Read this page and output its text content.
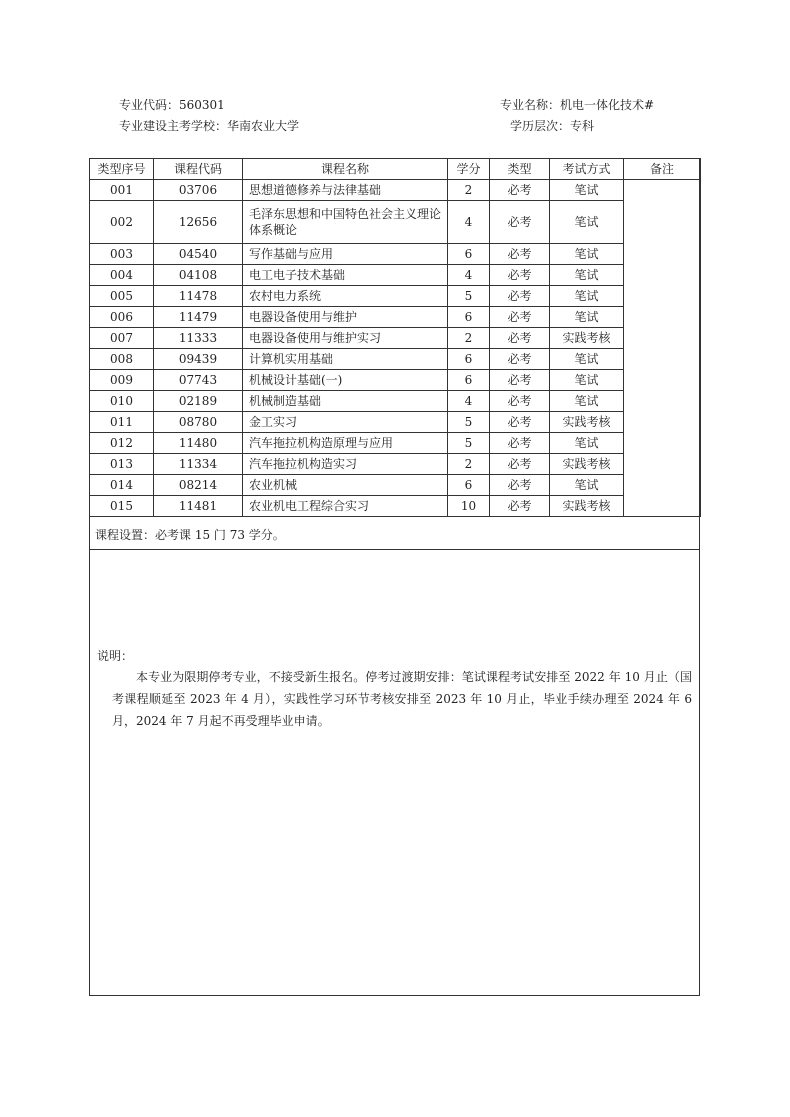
专业代码：560301	专业名称：机电一体化技术#
专业建设主考学校：华南农业大学	学历层次：专科
类型序号	课程代码	课程名称	学分	类型	考试方式	备注
001	03706	思想道德修养与法律基础	2	必考	笔试	
002	12656	毛泽东思想和中国特色社会主义理论体系概论	4	必考	笔试	
003	04540	写作基础与应用	6	必考	笔试	
004	04108	电工电子技术基础	4	必考	笔试	
005	11478	农村电力系统	5	必考	笔试	
006	11479	电器设备使用与维护	6	必考	笔试	
007	11333	电器设备使用与维护实习	2	必考	实践考核	
008	09439	计算机实用基础	6	必考	笔试	
009	07743	机械设计基础(一)	6	必考	笔试	
010	02189	机械制造基础	4	必考	笔试	
011	08780	金工实习	5	必考	实践考核	
012	11480	汽车拖拉机构造原理与应用	5	必考	笔试	
013	11334	汽车拖拉机构造实习	2	必考	实践考核	
014	08214	农业机械	6	必考	笔试	
015	11481	农业机电工程综合实习	10	必考	实践考核	
课程设置：必考课 15 门 73 学分。
说明：
本专业为限期停考专业，不接受新生报名。停考过渡期安排：笔试课程考试安排至 2022 年 10 月止（国考课程顺延至 2023 年 4 月），实践性学习环节考核安排至 2023 年 10 月止，毕业手续办理至 2024 年 6 月，2024 年 7 月起不再受理毕业申请。
